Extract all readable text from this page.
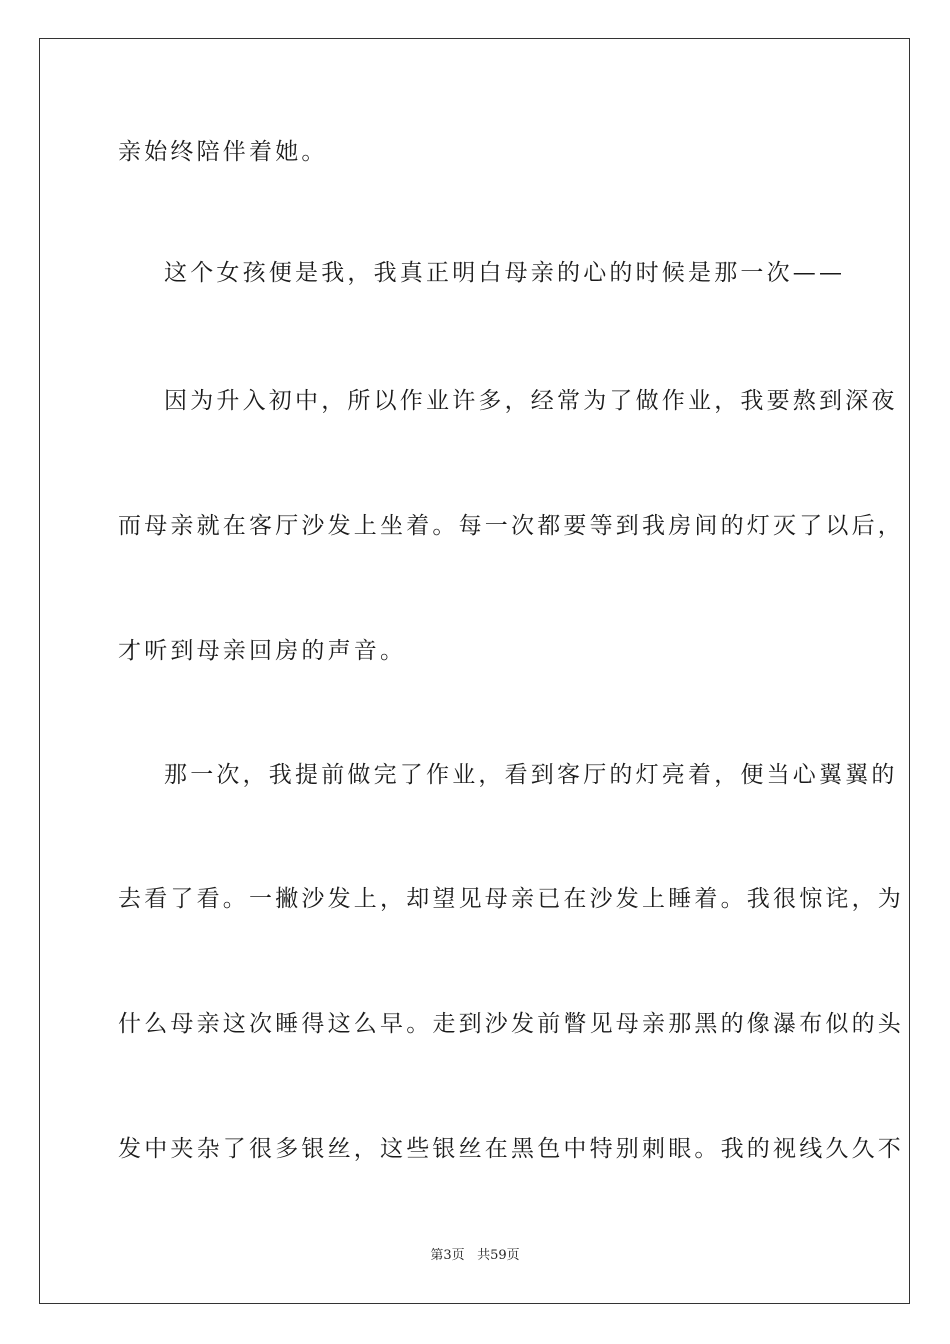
亲始终陪伴着她。
这个女孩便是我，我真正明白母亲的心的时候是那一次——
因为升入初中，所以作业许多，经常为了做作业，我要熬到深夜
而母亲就在客厅沙发上坐着。每一次都要等到我房间的灯灭了以后，
才听到母亲回房的声音。
那一次，我提前做完了作业，看到客厅的灯亮着，便当心翼翼的
去看了看。一撇沙发上，却望见母亲已在沙发上睡着。我很惊诧，为
什么母亲这次睡得这么早。走到沙发前瞥见母亲那黑的像瀑布似的头
发中夹杂了很多银丝，这些银丝在黑色中特别刺眼。我的视线久久不
第3页 共59页
